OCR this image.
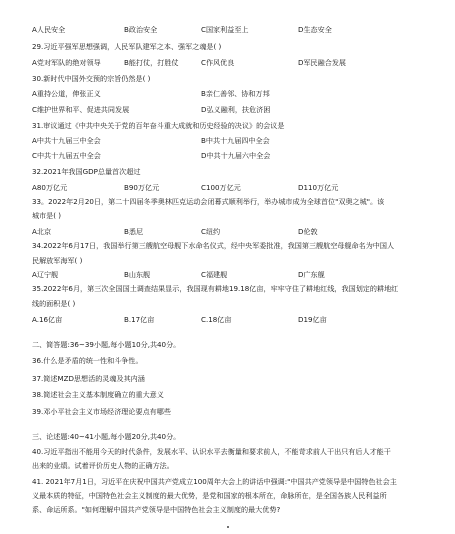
A人民安全	B政治安全	C国家利益至上	D生态安全
29.习近平强军思想强调，人民军队建军之本、强军之魂是( )
A党对军队的绝对领导	B能打仗，打胜仗	C作风优良	D军民融合发展
30.新时代中国外交预的宗旨仍然是( )
A重持公道，伸张正义	B亲仁善邻、协和万邦
C维护世界和平、促进共同发展	D弘义融利，扶危济困
31.审议通过《中共中央关于党的百年奋斗重大成就和历史经验的决议》的会议是
A中共十九届三中全会	B中共十九届四中全会
C中共十九届五中全会	D中共十九届六中全会
32.2021年我国GDP总量首次超过
A80万亿元	B90万亿元	C100万亿元	D110万亿元
33。2022年2月20日，第二十四届冬季奥林匹克运动会闭幕式顺利举行，举办城市成为全球首位"双奥之城"。该
城市是( )
A北京	B悉尼	C纽约	D伦敦
34.2022年6月17日，我国举行第三艘航空母舰下水命名仪式，经中央军委批准，我国第三艘航空母舰命名为中国人
民解放军海军( )
A辽宁舰	B山东舰	C福建舰	D广东舰
35.2022年6月，第三次全国国土调查结果显示，我国现有耕地19.18亿亩，牢牢守住了耕地红线，我国划定的耕地红
线的面积是( )
A.16亿亩	B.17亿亩	C.18亿亩	D19亿亩
二、简答题:36~39小题,每小题10分,共40分。
36.什么是矛盾的统一性和斗争性。
37.简述MZD思想活的灵魂及其内涵
38.简述社会主义基本制度确立的重大意义
39.邓小平社会主义市场经济理论要点有哪些
三、论述题:40~41小题,每小题20分,共40分。
40.习近平指出不能用今天的时代条件，发展水平、认识水平去衡量和要求前人，不能苛求前人干出只有后人才能干
出来的业绩。试着评价历史人物的正确方法。
41. 2021年7月1日，习近平在庆祝中国共产党成立100周年大会上的讲话中强调:"中国共产党领导是中国特色社会主
义最本质的特征，中国特色社会主义制度的最大优势，是党和国家的根本所在，命脉所在，是全国各族人民利益所
系、命运所系。"如何理解中国共产党领导是中国特色社会主义制度的最大优势?
